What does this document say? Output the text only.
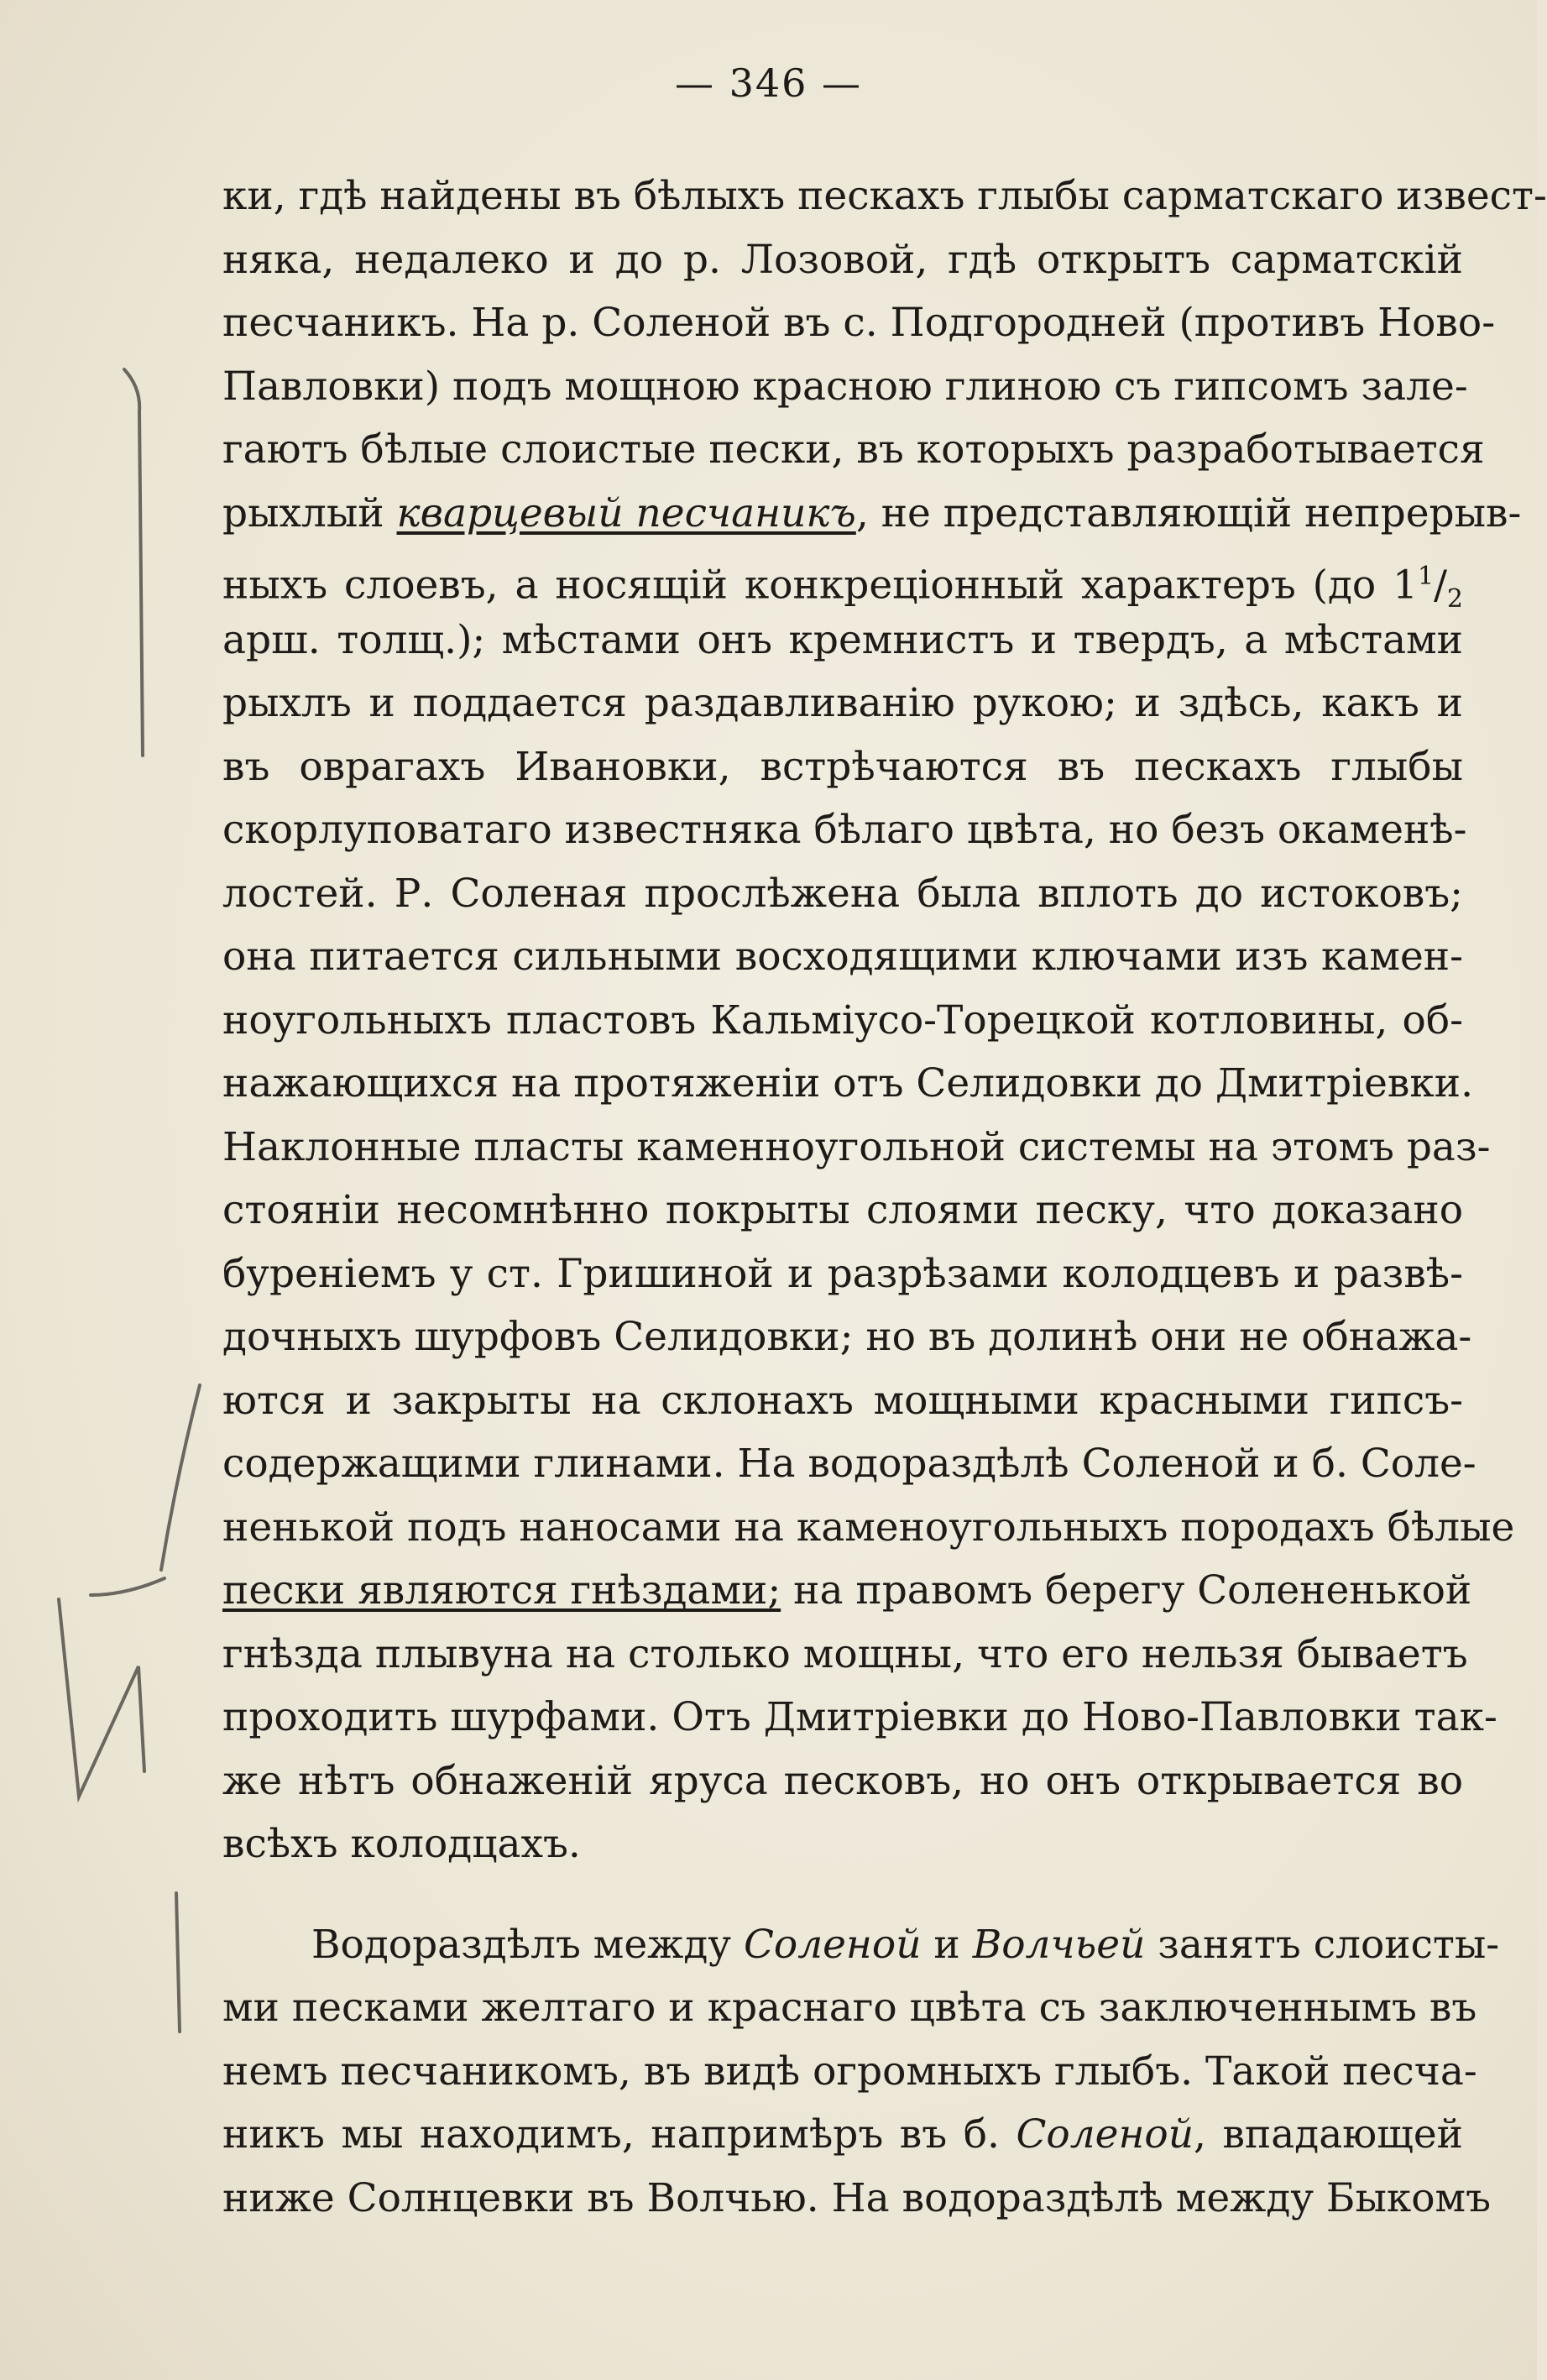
— 346 —
ки, гдѣ найдены въ бѣлыхъ пескахъ глыбы сарматскаго извест-
няка, недалеко и до р. Лозовой, гдѣ открытъ сарматскій
песчаникъ. На р. Соленой въ с. Подгородней (противъ Ново-
Павловки) подъ мощною красною глиною съ гипсомъ зале-
гаютъ бѣлые слоистые пески, въ которыхъ разработывается
рыхлый кварцевый песчаникъ, не представляющій непрерыв-
ныхъ слоевъ, а носящій конкреціонный характеръ (до $1^1/_2$
арш. толщ.); мѣстами онъ кремнистъ и твердъ, а мѣстами
рыхлъ и поддается раздавливанію рукою; и здѣсь, какъ и
въ оврагахъ Ивановки, встрѣчаются въ пескахъ глыбы
скорлуповатаго известняка бѣлаго цвѣта, но безъ окаменѣ-
лостей. Р. Соленая прослѣжена была вплоть до истоковъ;
она питается сильными восходящими ключами изъ камен-
ноугольныхъ пластовъ Кальміусо-Торецкой котловины, об-
нажающихся на протяженіи отъ Селидовки до Дмитріевки.
Наклонные пласты каменноугольной системы на этомъ раз-
стояніи несомнѣнно покрыты слоями песку, что доказано
буреніемъ у ст. Гришиной и разрѣзами колодцевъ и развѣ-
дочныхъ шурфовъ Селидовки; но въ долинѣ они не обнажа-
ются и закрыты на склонахъ мощными красными гипсъ-
содержащими глинами. На водораздѣлѣ Соленой и б. Соле-
ненькой подъ наносами на каменоугольныхъ породахъ бѣлые
пески являются гнѣздами; на правомъ берегу Солененькой
гнѣзда плывуна на столько мощны, что его нельзя бываетъ
проходить шурфами. Отъ Дмитріевки до Ново-Павловки так-
же нѣтъ обнаженій яруса песковъ, но онъ открывается во
всѣхъ колодцахъ.
Водораздѣлъ между Соленой и Волчьей занятъ слоисты-
ми песками желтаго и краснаго цвѣта съ заключеннымъ въ
немъ песчаникомъ, въ видѣ огромныхъ глыбъ. Такой песча-
никъ мы находимъ, напримѣръ въ б. Соленой, впадающей
ниже Солнцевки въ Волчью. На водораздѣлѣ между Быкомъ
